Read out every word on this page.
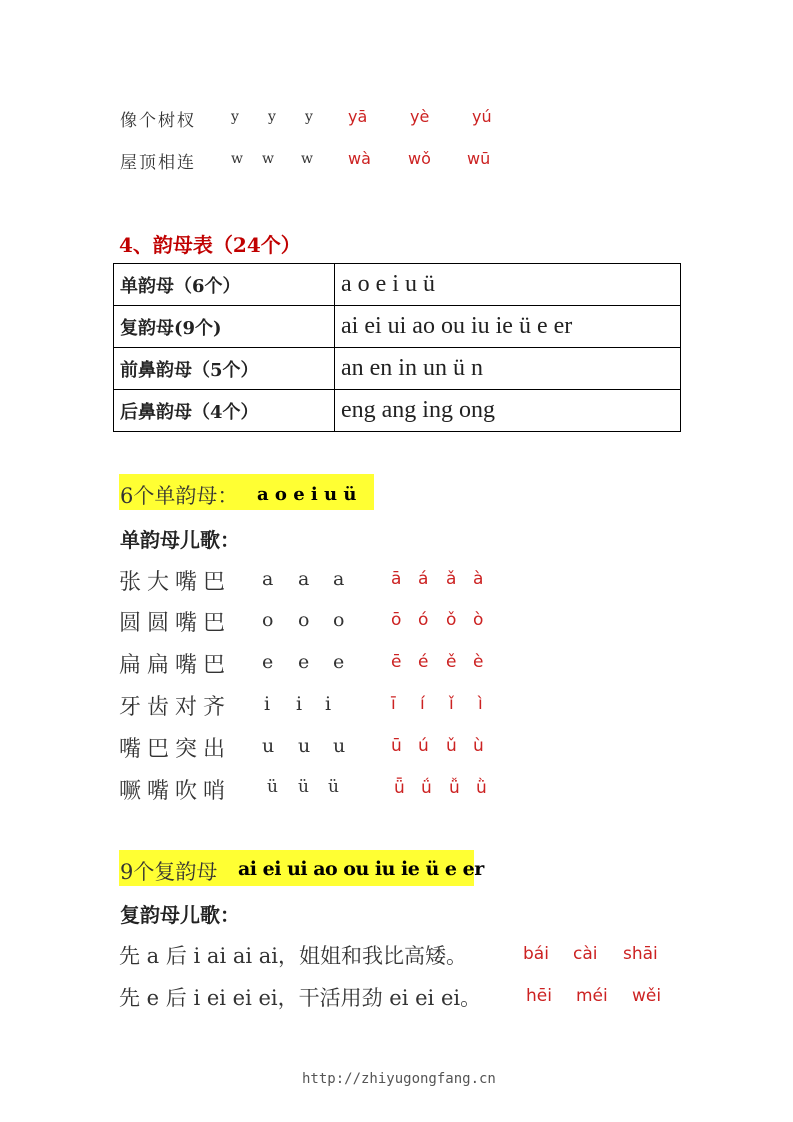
像个树杈	y y y yā	yè	yú
屋顶相连	w w w wà wǒ wū
4、韵母表（24个）
单韵母（6个）	a o e i u ü
复韵母(9个)	ai ei ui ao ou iu ie ü e er
前鼻韵母（5个）	an en in un ü n
后鼻韵母（4个）	eng ang ing ong
6个单韵母： a o e i u ü
单韵母儿歌：
张大嘴巴 a a a	ā á ǎ à
圆圆嘴巴 o o o	ō ó ǒ ò
扁扁嘴巴 e e e	ē é ě è
牙齿对齐 i i i	ī í ǐ ì
嘴巴突出 u u u	ū ú ǔ ù
噘嘴吹哨 ü ü ü	ǖ ǘ ǚ ǜ
9个复韵母 ai ei ui ao ou iu ie ü e er
复韵母儿歌：
先 a 后 i ai ai ai，姐姐和我比高矮。	bái cài shāi
先 e 后 i ei ei ei，干活用劲 ei ei ei。	hēi méi wěi
http://zhiyugongfang.cn
